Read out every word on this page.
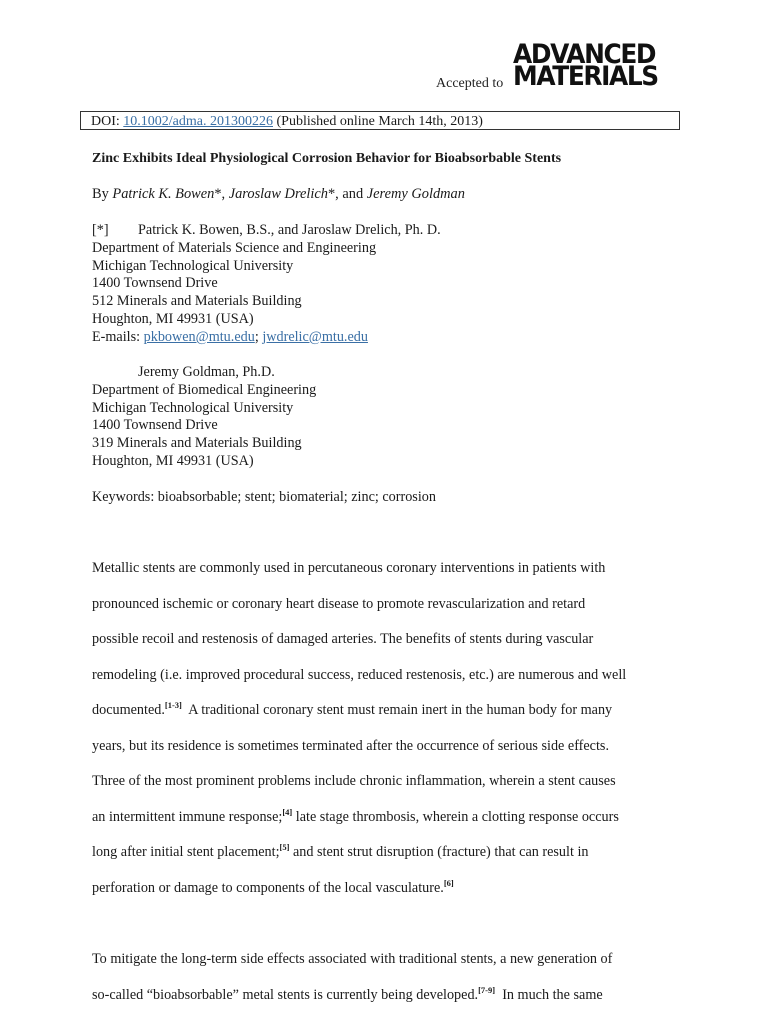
Accepted to
ADVANCED
MATERIALS
DOI: 10.1002/adma. 201300226 (Published online March 14th, 2013)
Zinc Exhibits Ideal Physiological Corrosion Behavior for Bioabsorbable Stents
By Patrick K. Bowen*, Jaroslaw Drelich*, and Jeremy Goldman
[*] Patrick K. Bowen, B.S., and Jaroslaw Drelich, Ph. D.
Department of Materials Science and Engineering
Michigan Technological University
1400 Townsend Drive
512 Minerals and Materials Building
Houghton, MI 49931 (USA)
E-mails: pkbowen@mtu.edu; jwdrelic@mtu.edu
Jeremy Goldman, Ph.D.
Department of Biomedical Engineering
Michigan Technological University
1400 Townsend Drive
319 Minerals and Materials Building
Houghton, MI 49931 (USA)
Keywords: bioabsorbable; stent; biomaterial; zinc; corrosion
Metallic stents are commonly used in percutaneous coronary interventions in patients with
pronounced ischemic or coronary heart disease to promote revascularization and retard
possible recoil and restenosis of damaged arteries. The benefits of stents during vascular
remodeling (i.e. improved procedural success, reduced restenosis, etc.) are numerous and well
documented.[1-3]  A traditional coronary stent must remain inert in the human body for many
years, but its residence is sometimes terminated after the occurrence of serious side effects.
Three of the most prominent problems include chronic inflammation, wherein a stent causes
an intermittent immune response;[4] late stage thrombosis, wherein a clotting response occurs
long after initial stent placement;[5] and stent strut disruption (fracture) that can result in
perforation or damage to components of the local vasculature.[6]
To mitigate the long-term side effects associated with traditional stents, a new generation of
so-called “bioabsorbable” metal stents is currently being developed.[7-9]  In much the same
